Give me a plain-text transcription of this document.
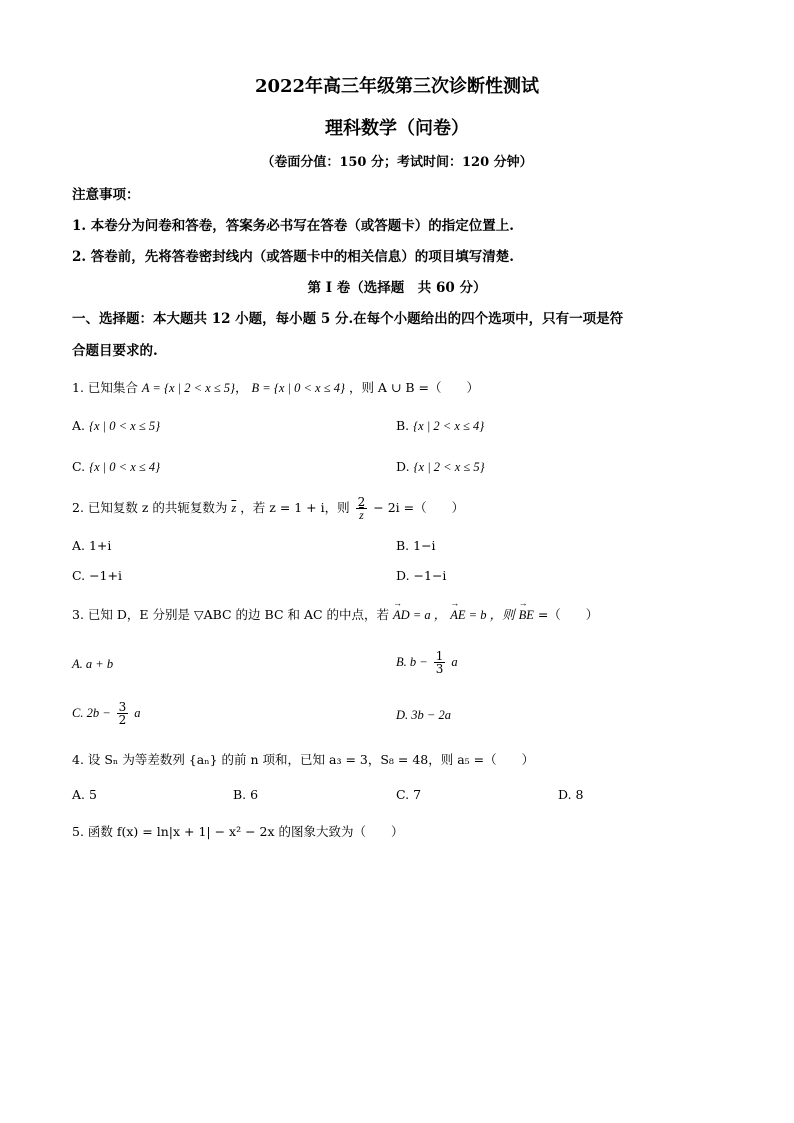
2022年高三年级第三次诊断性测试
理科数学（问卷）
（卷面分值：150 分；考试时间：120 分钟）
注意事项：
1. 本卷分为问卷和答卷，答案务必书写在答卷（或答题卡）的指定位置上.
2. 答卷前，先将答卷密封线内（或答题卡中的相关信息）的项目填写清楚.
第 I 卷（选择题　共 60 分）
一、选择题：本大题共 12 小题，每小题 5 分.在每个小题给出的四个选项中，只有一项是符
合题目要求的.
1. 已知集合 A = {x | 2 < x ≤ 5}， B = {x | 0 < x ≤ 4} ，则 A ∪ B =（　　）
A. {x | 0 < x ≤ 5}	B. {x | 2 < x ≤ 4}
C. {x | 0 < x ≤ 4}	D. {x | 2 < x ≤ 5}
2. 已知复数 z 的共轭复数为 $\overline{z}$ ，若 z = 1 + i，则 $\frac{2}{z} - 2i$ =（　　）
A. 1+i	B. 1−i
C. −1+i	D. −1−i
3. 已知 D，E 分别是 ▽ABC 的边 BC 和 AC 的中点，若 → AD = a ， → AE = b ，则 → BE =（　　）
A. a + b	B. $b - \frac{1}{3}$ a
C. $2b - \frac{3}{2}$ a	D. 3b − 2a
4. 设 Sₙ 为等差数列 {aₙ} 的前 n 项和，已知 a₃ = 3，S₈ = 48，则 a₅ =（　　）
A. 5	B. 6	C. 7	D. 8
5. 函数 f(x) = ln|x + 1| − x² − 2x 的图象大致为（　　）
